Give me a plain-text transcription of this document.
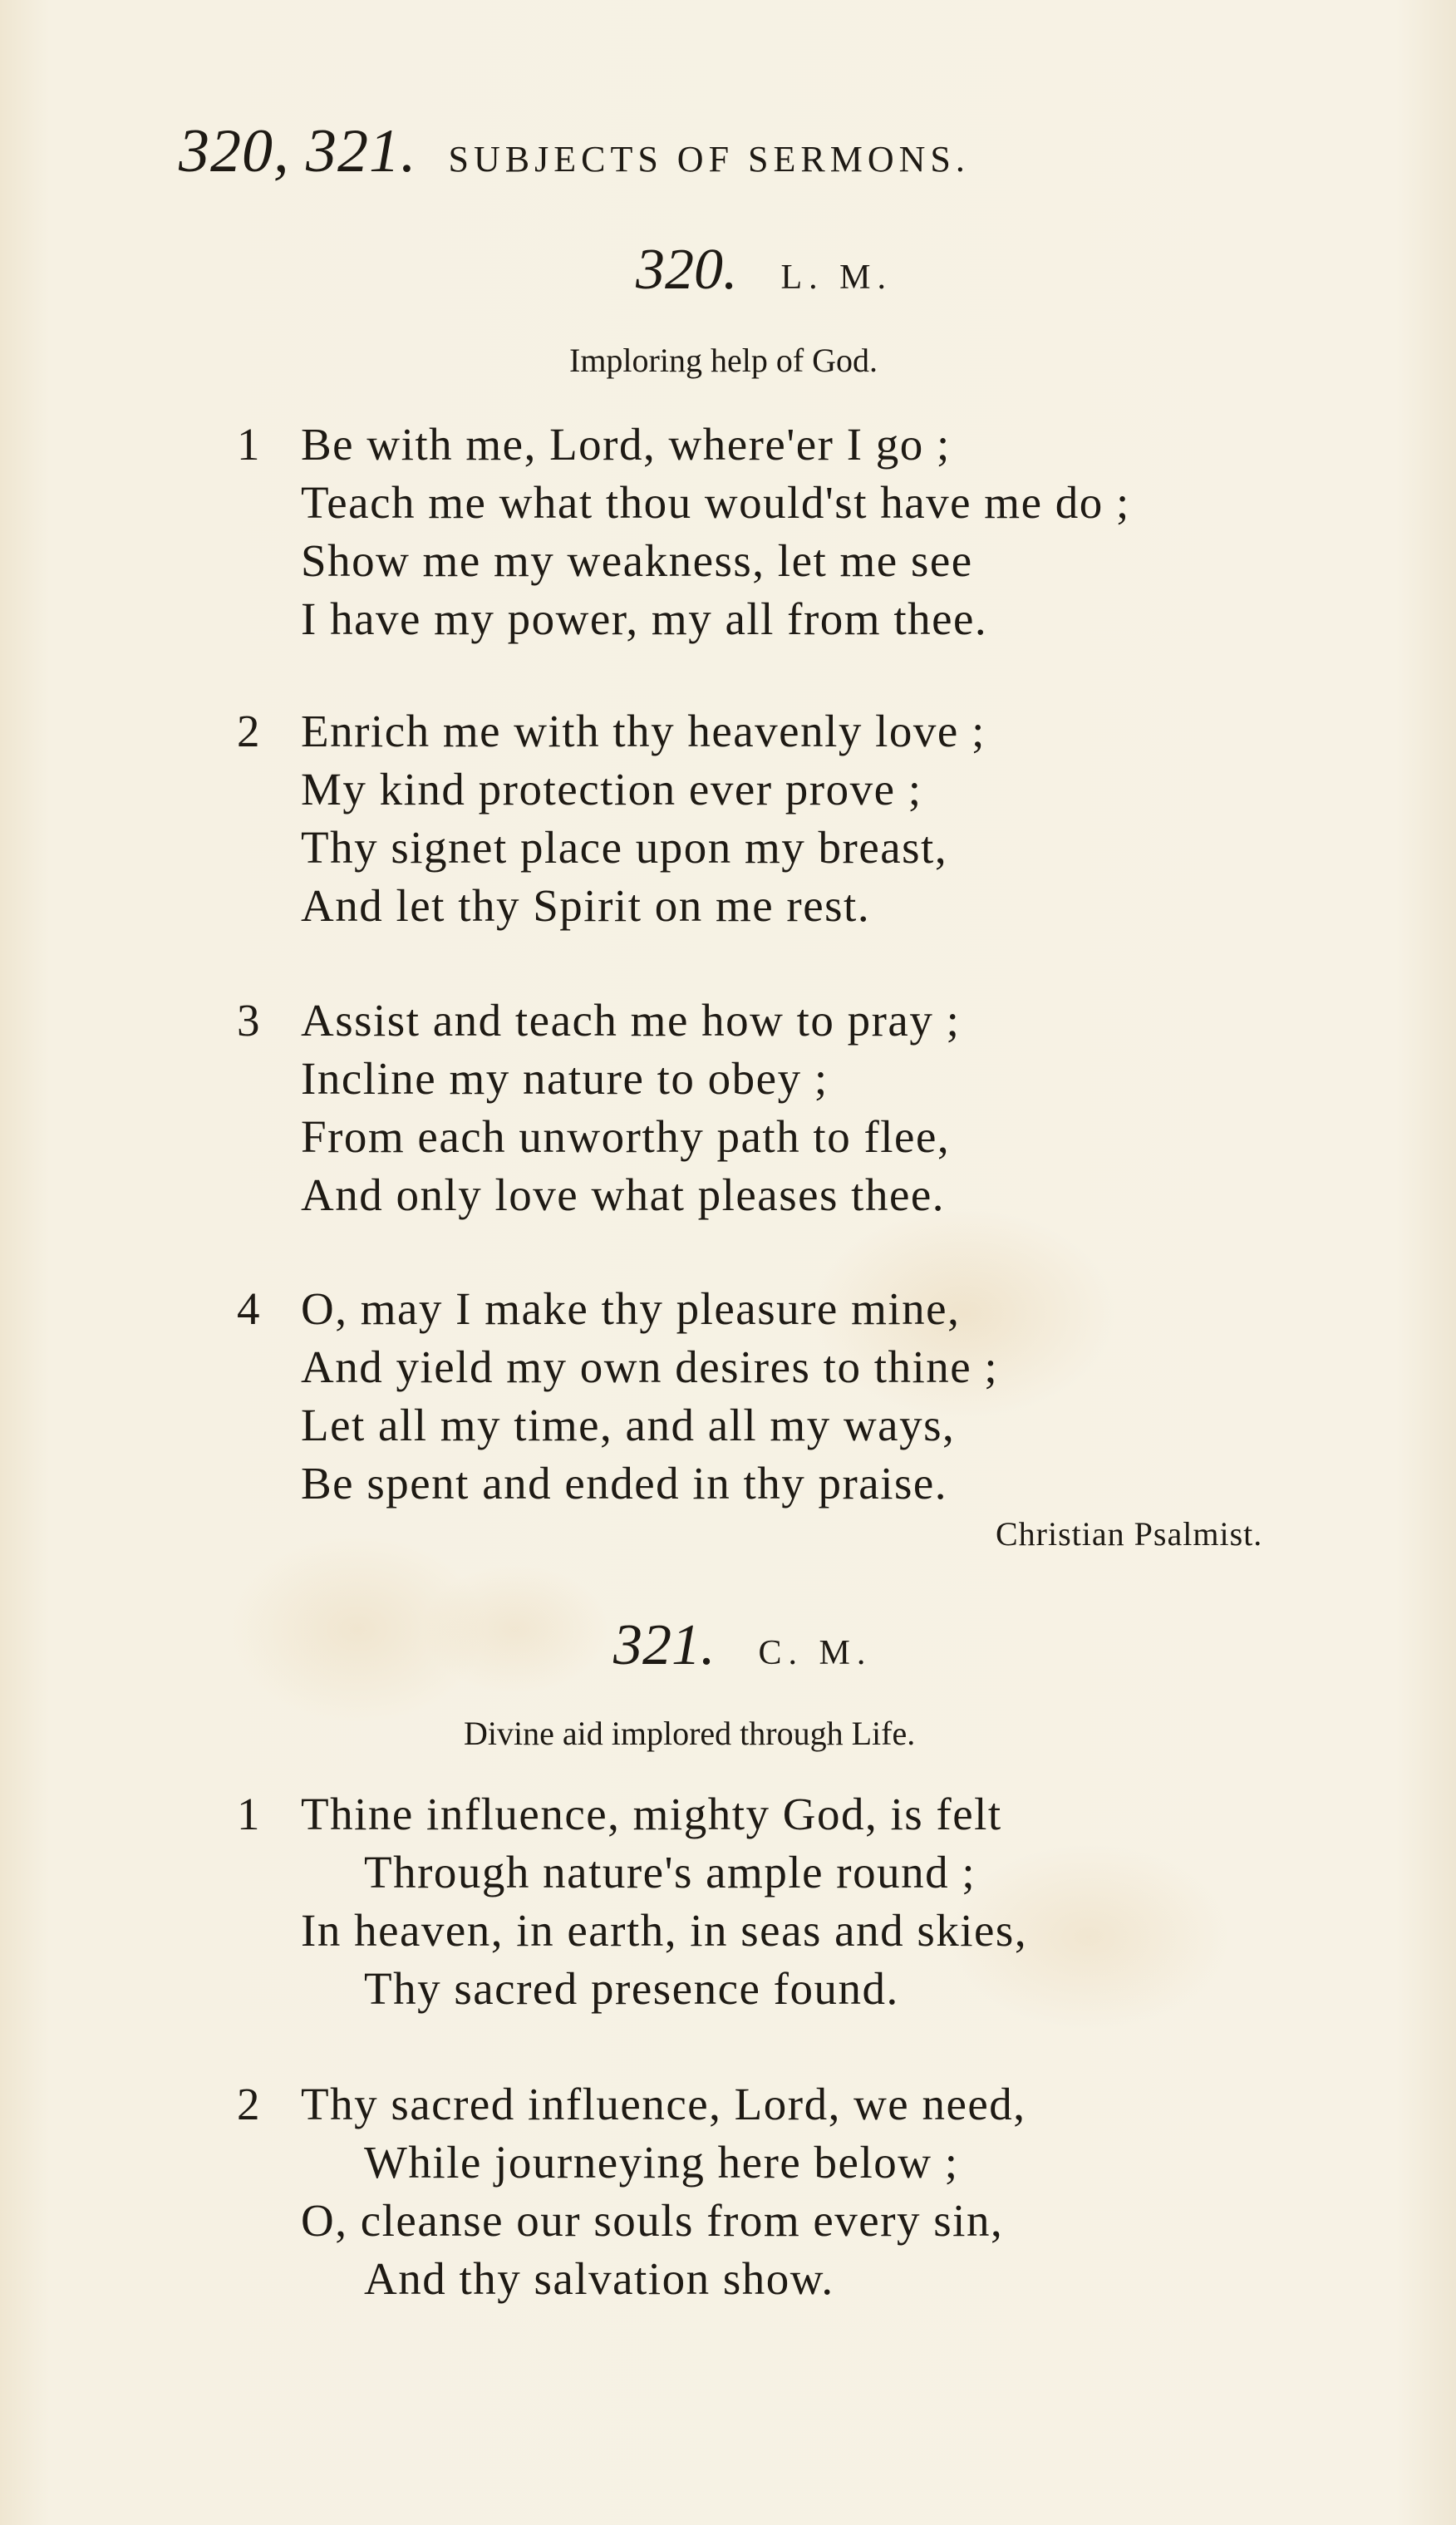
320, 321. SUBJECTS OF SERMONS.
320. L. M.
Imploring help of God.
1 Be with me, Lord, where'er I go ;
Teach me what thou would'st have me do ;
Show me my weakness, let me see
I have my power, my all from thee.
2 Enrich me with thy heavenly love ;
My kind protection ever prove ;
Thy signet place upon my breast,
And let thy Spirit on me rest.
3 Assist and teach me how to pray ;
Incline my nature to obey ;
From each unworthy path to flee,
And only love what pleases thee.
4 O, may I make thy pleasure mine,
And yield my own desires to thine ;
Let all my time, and all my ways,
Be spent and ended in thy praise.
Christian Psalmist.
321. C. M.
Divine aid implored through Life.
1 Thine influence, mighty God, is felt
Through nature's ample round ;
In heaven, in earth, in seas and skies,
Thy sacred presence found.
2 Thy sacred influence, Lord, we need,
While journeying here below ;
O, cleanse our souls from every sin,
And thy salvation show.
